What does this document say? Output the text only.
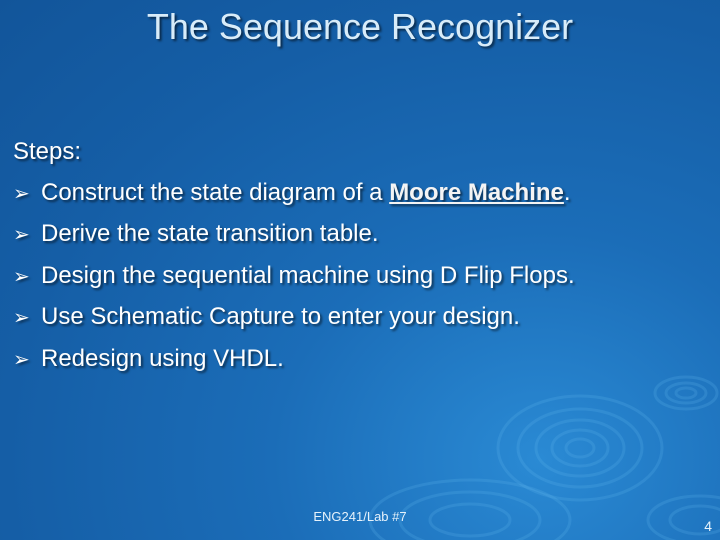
The Sequence Recognizer
Steps:
➢ Construct the state diagram of a Moore Machine.
➢ Derive the state transition table.
➢ Design the sequential machine using D Flip Flops.
➢ Use Schematic Capture to enter your design.
➢ Redesign using VHDL.
ENG241/Lab #7
4
